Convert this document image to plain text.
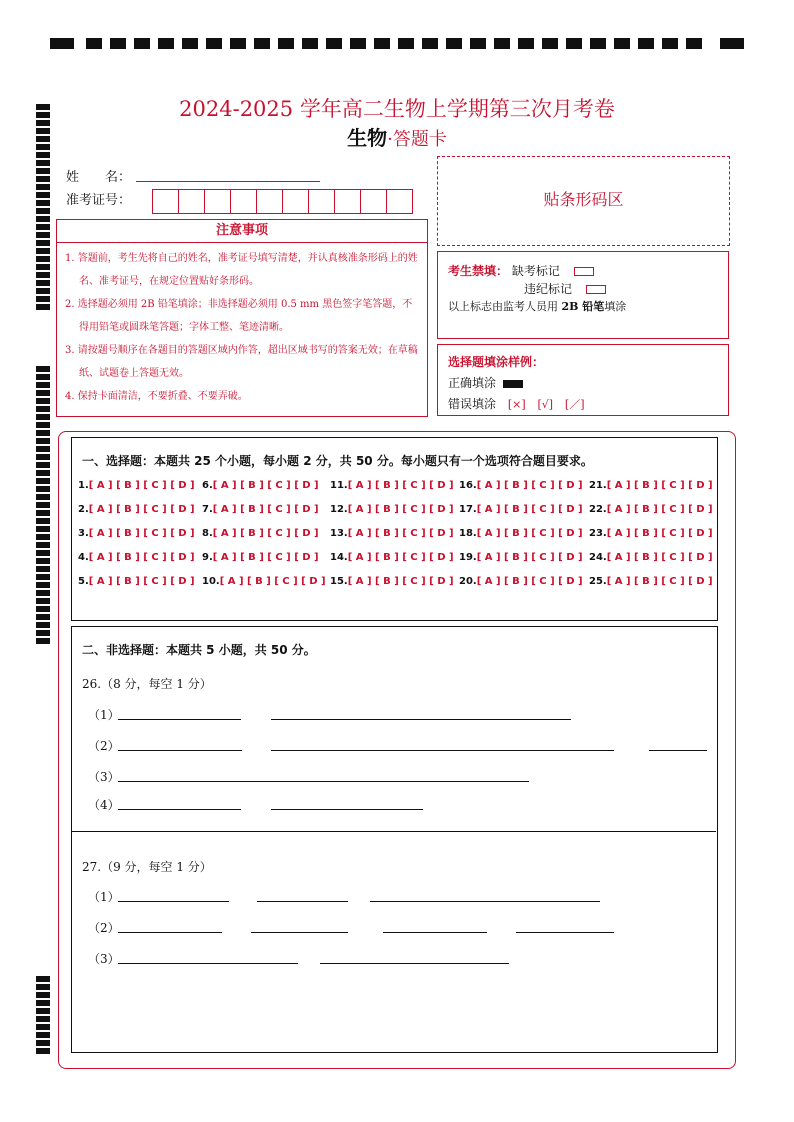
2024-2025 学年高二生物上学期第三次月考卷
生物·答题卡
姓　　名：
准考证号：	贴条形码区
注意事项
1. 答题前，考生先将自己的姓名，准考证号填写清楚，并认真核准条形码上的姓名、准考证号，在规定位置贴好条形码。
2. 选择题必须用 2B 铅笔填涂；非选择题必须用 0.5 mm 黑色签字笔答题，不得用铅笔或圆珠笔答题；字体工整、笔迹清晰。
3. 请按题号顺序在各题目的答题区域内作答，超出区域书写的答案无效；在草稿纸、试题卷上答题无效。
4. 保持卡面清洁，不要折叠、不要弄破。
考生禁填： 缺考标记
违纪标记
以上标志由监考人员用 2B 铅笔填涂
选择题填涂样例：
正确填涂
错误填涂 [×] [√] [／]
一、选择题：本题共 25 个小题，每小题 2 分，共 50 分。每小题只有一个选项符合题目要求。
1.[ A ] [ B ] [ C ] [ D ]
2.[ A ] [ B ] [ C ] [ D ]
3.[ A ] [ B ] [ C ] [ D ]
4.[ A ] [ B ] [ C ] [ D ]
5.[ A ] [ B ] [ C ] [ D ]
6.[ A ] [ B ] [ C ] [ D ]
7.[ A ] [ B ] [ C ] [ D ]
8.[ A ] [ B ] [ C ] [ D ]
9.[ A ] [ B ] [ C ] [ D ]
10.[ A ] [ B ] [ C ] [ D ]
11.[ A ] [ B ] [ C ] [ D ]
12.[ A ] [ B ] [ C ] [ D ]
13.[ A ] [ B ] [ C ] [ D ]
14.[ A ] [ B ] [ C ] [ D ]
15.[ A ] [ B ] [ C ] [ D ]
16.[ A ] [ B ] [ C ] [ D ]
17.[ A ] [ B ] [ C ] [ D ]
18.[ A ] [ B ] [ C ] [ D ]
19.[ A ] [ B ] [ C ] [ D ]
20.[ A ] [ B ] [ C ] [ D ]
21.[ A ] [ B ] [ C ] [ D ]
22.[ A ] [ B ] [ C ] [ D ]
23.[ A ] [ B ] [ C ] [ D ]
24.[ A ] [ B ] [ C ] [ D ]
25.[ A ] [ B ] [ C ] [ D ]
二、非选择题：本题共 5 小题，共 50 分。
26.（8 分，每空 1 分）
（1）
（2）
（3）
（4）
27.（9 分，每空 1 分）
（1）
（2）
（3）
